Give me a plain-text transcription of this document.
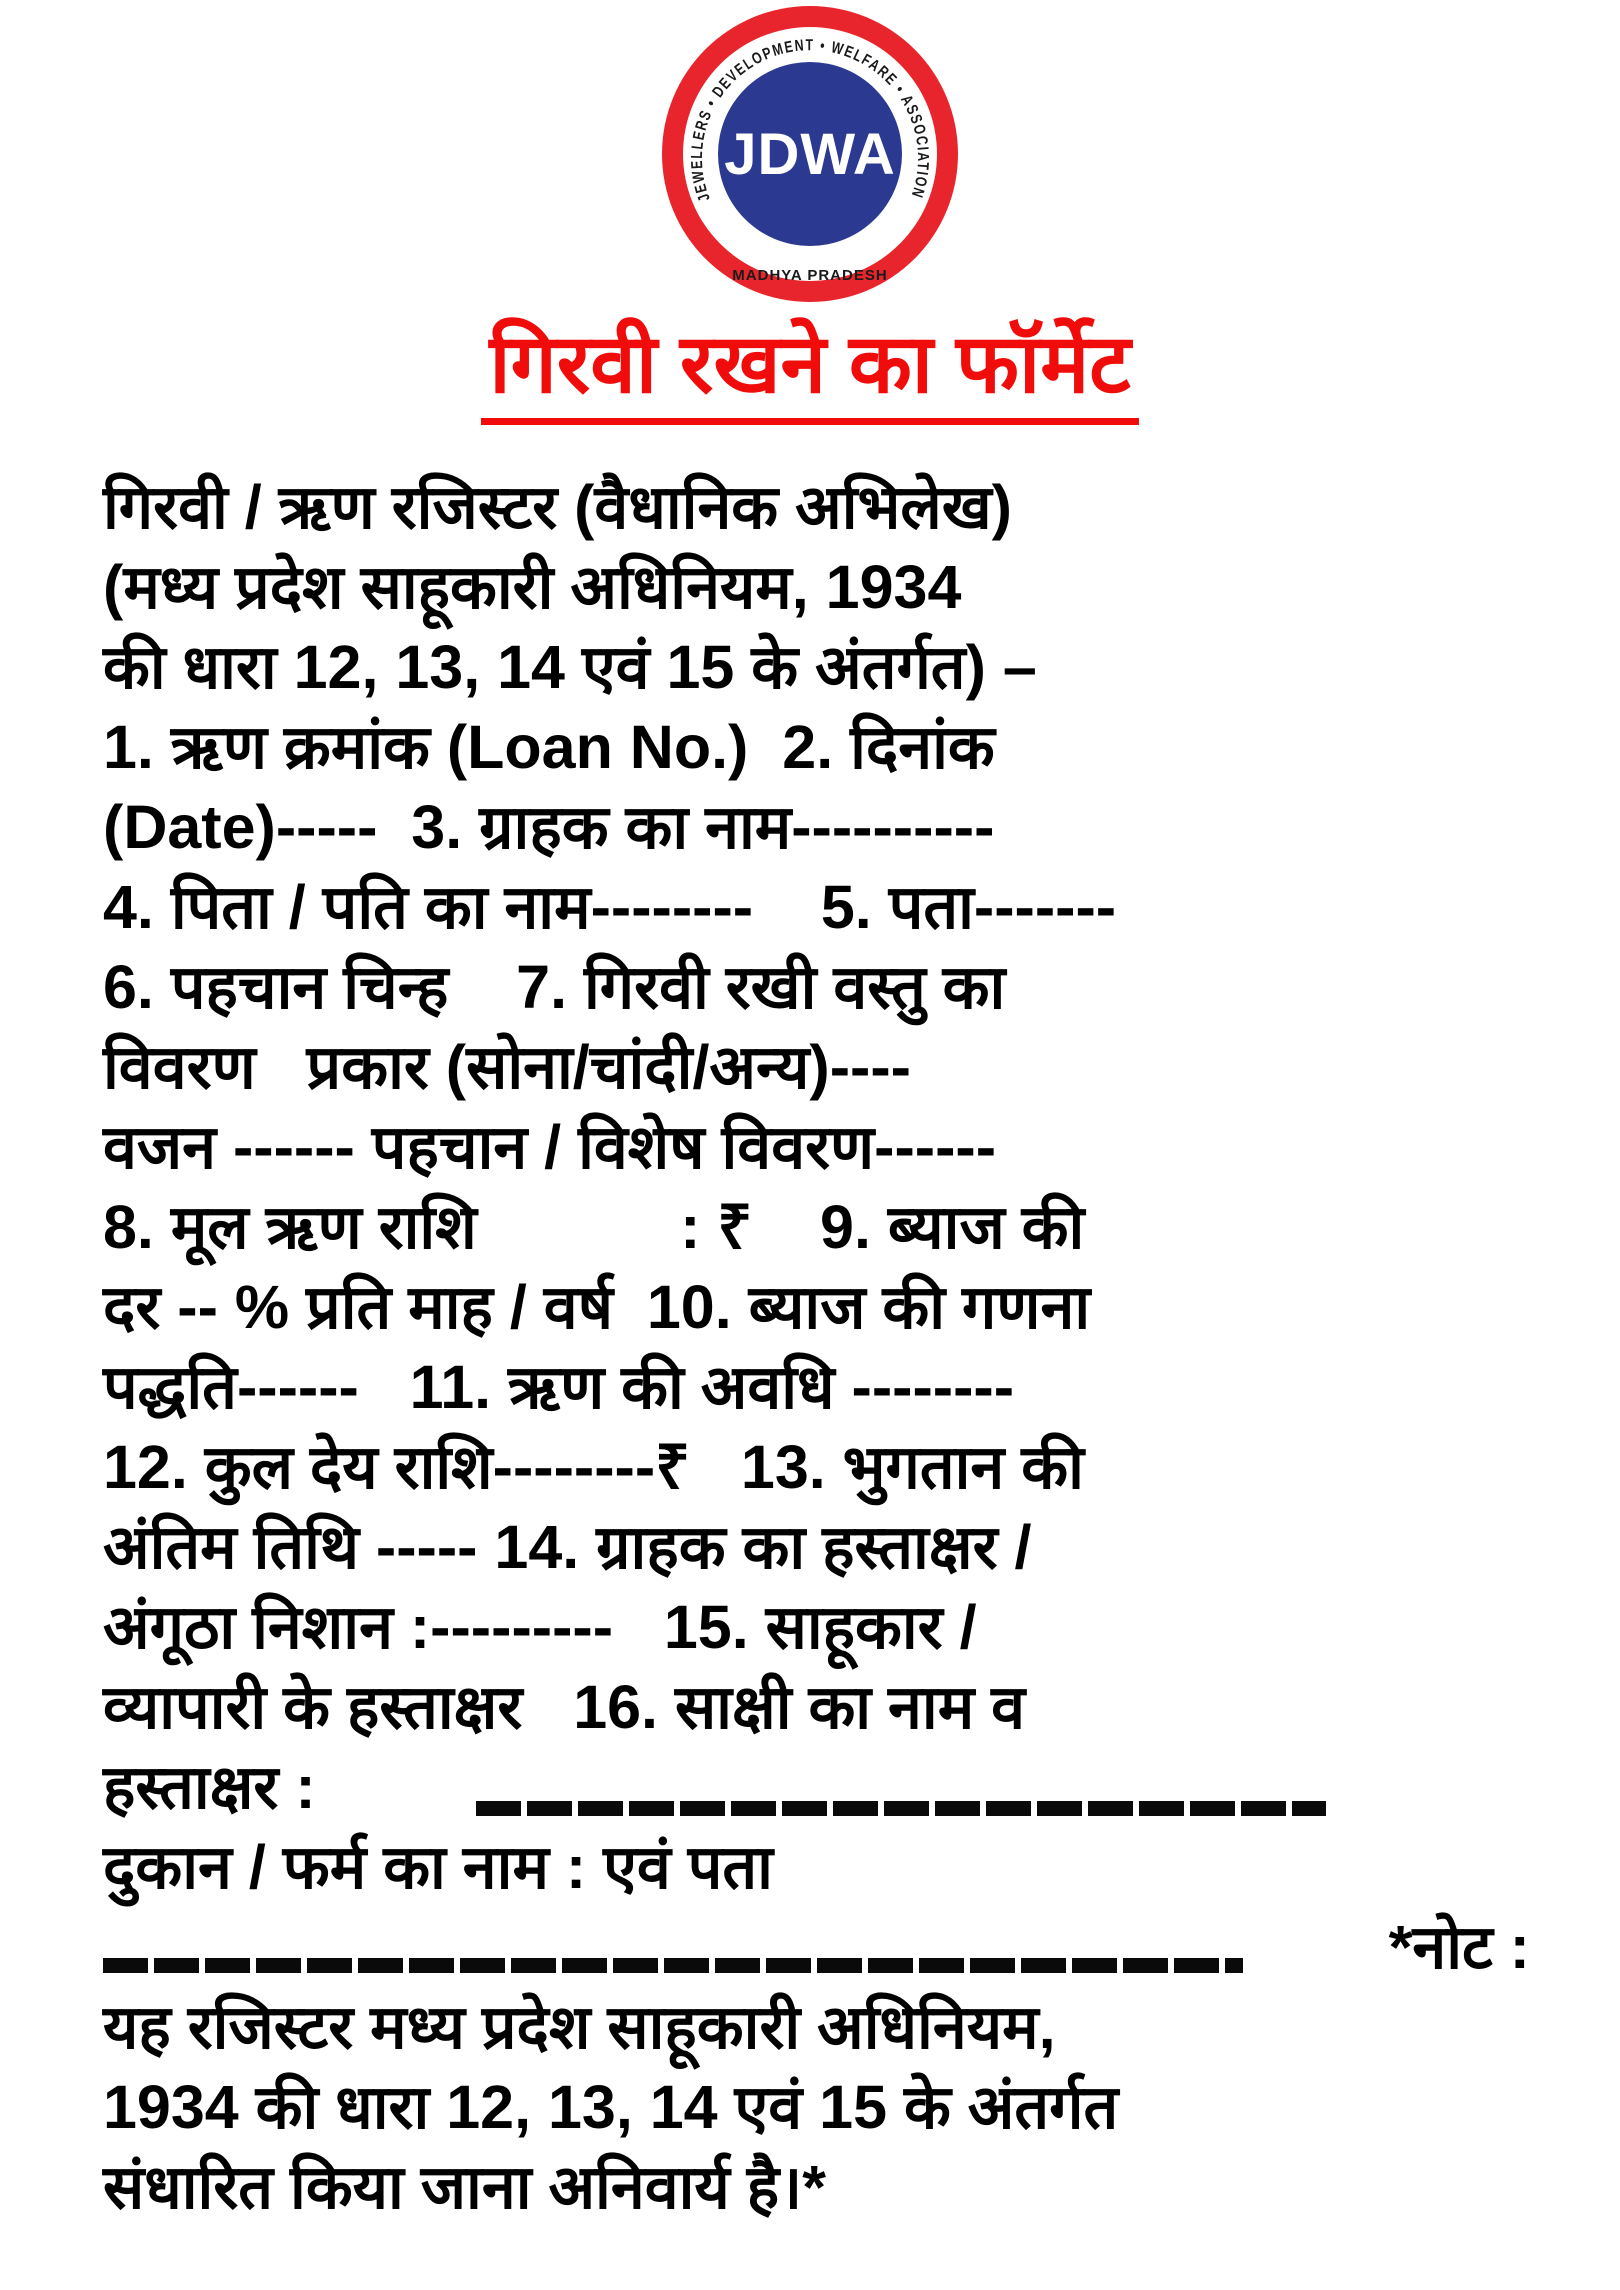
JEWELLERS • DEVELOPMENT • WELFARE • ASSOCIATION
JDWA
MADHYA PRADESH
गिरवी रखने का फॉर्मेट
गिरवी / ऋण रजिस्टर (वैधानिक अभिलेख)
(मध्य प्रदेश साहूकारी अधिनियम, 1934
की धारा 12, 13, 14 एवं 15 के अंतर्गत) –
1. ऋण क्रमांक (Loan No.)  2. दिनांक
(Date)-----  3. ग्राहक का नाम----------
4. पिता / पति का नाम--------    5. पता-------
6. पहचान चिन्ह    7. गिरवी रखी वस्तु का
विवरण   प्रकार (सोना/चांदी/अन्य)----
वजन ------ पहचान / विशेष विवरण------
8. मूल ऋण राशि            : ₹    9. ब्याज की
दर -- % प्रति माह / वर्ष  10. ब्याज की गणना
पद्धति------   11. ऋण की अवधि --------
12. कुल देय राशि--------₹   13. भुगतान की
अंतिम तिथि ----- 14. ग्राहक का हस्ताक्षर /
अंगूठा निशान :---------   15. साहूकार /
व्यापारी के हस्ताक्षर   16. साक्षी का नाम व
हस्ताक्षर :
दुकान / फर्म का नाम : एवं पता
*नोट :
यह रजिस्टर मध्य प्रदेश साहूकारी अधिनियम,
1934 की धारा 12, 13, 14 एवं 15 के अंतर्गत
संधारित किया जाना अनिवार्य है।*
